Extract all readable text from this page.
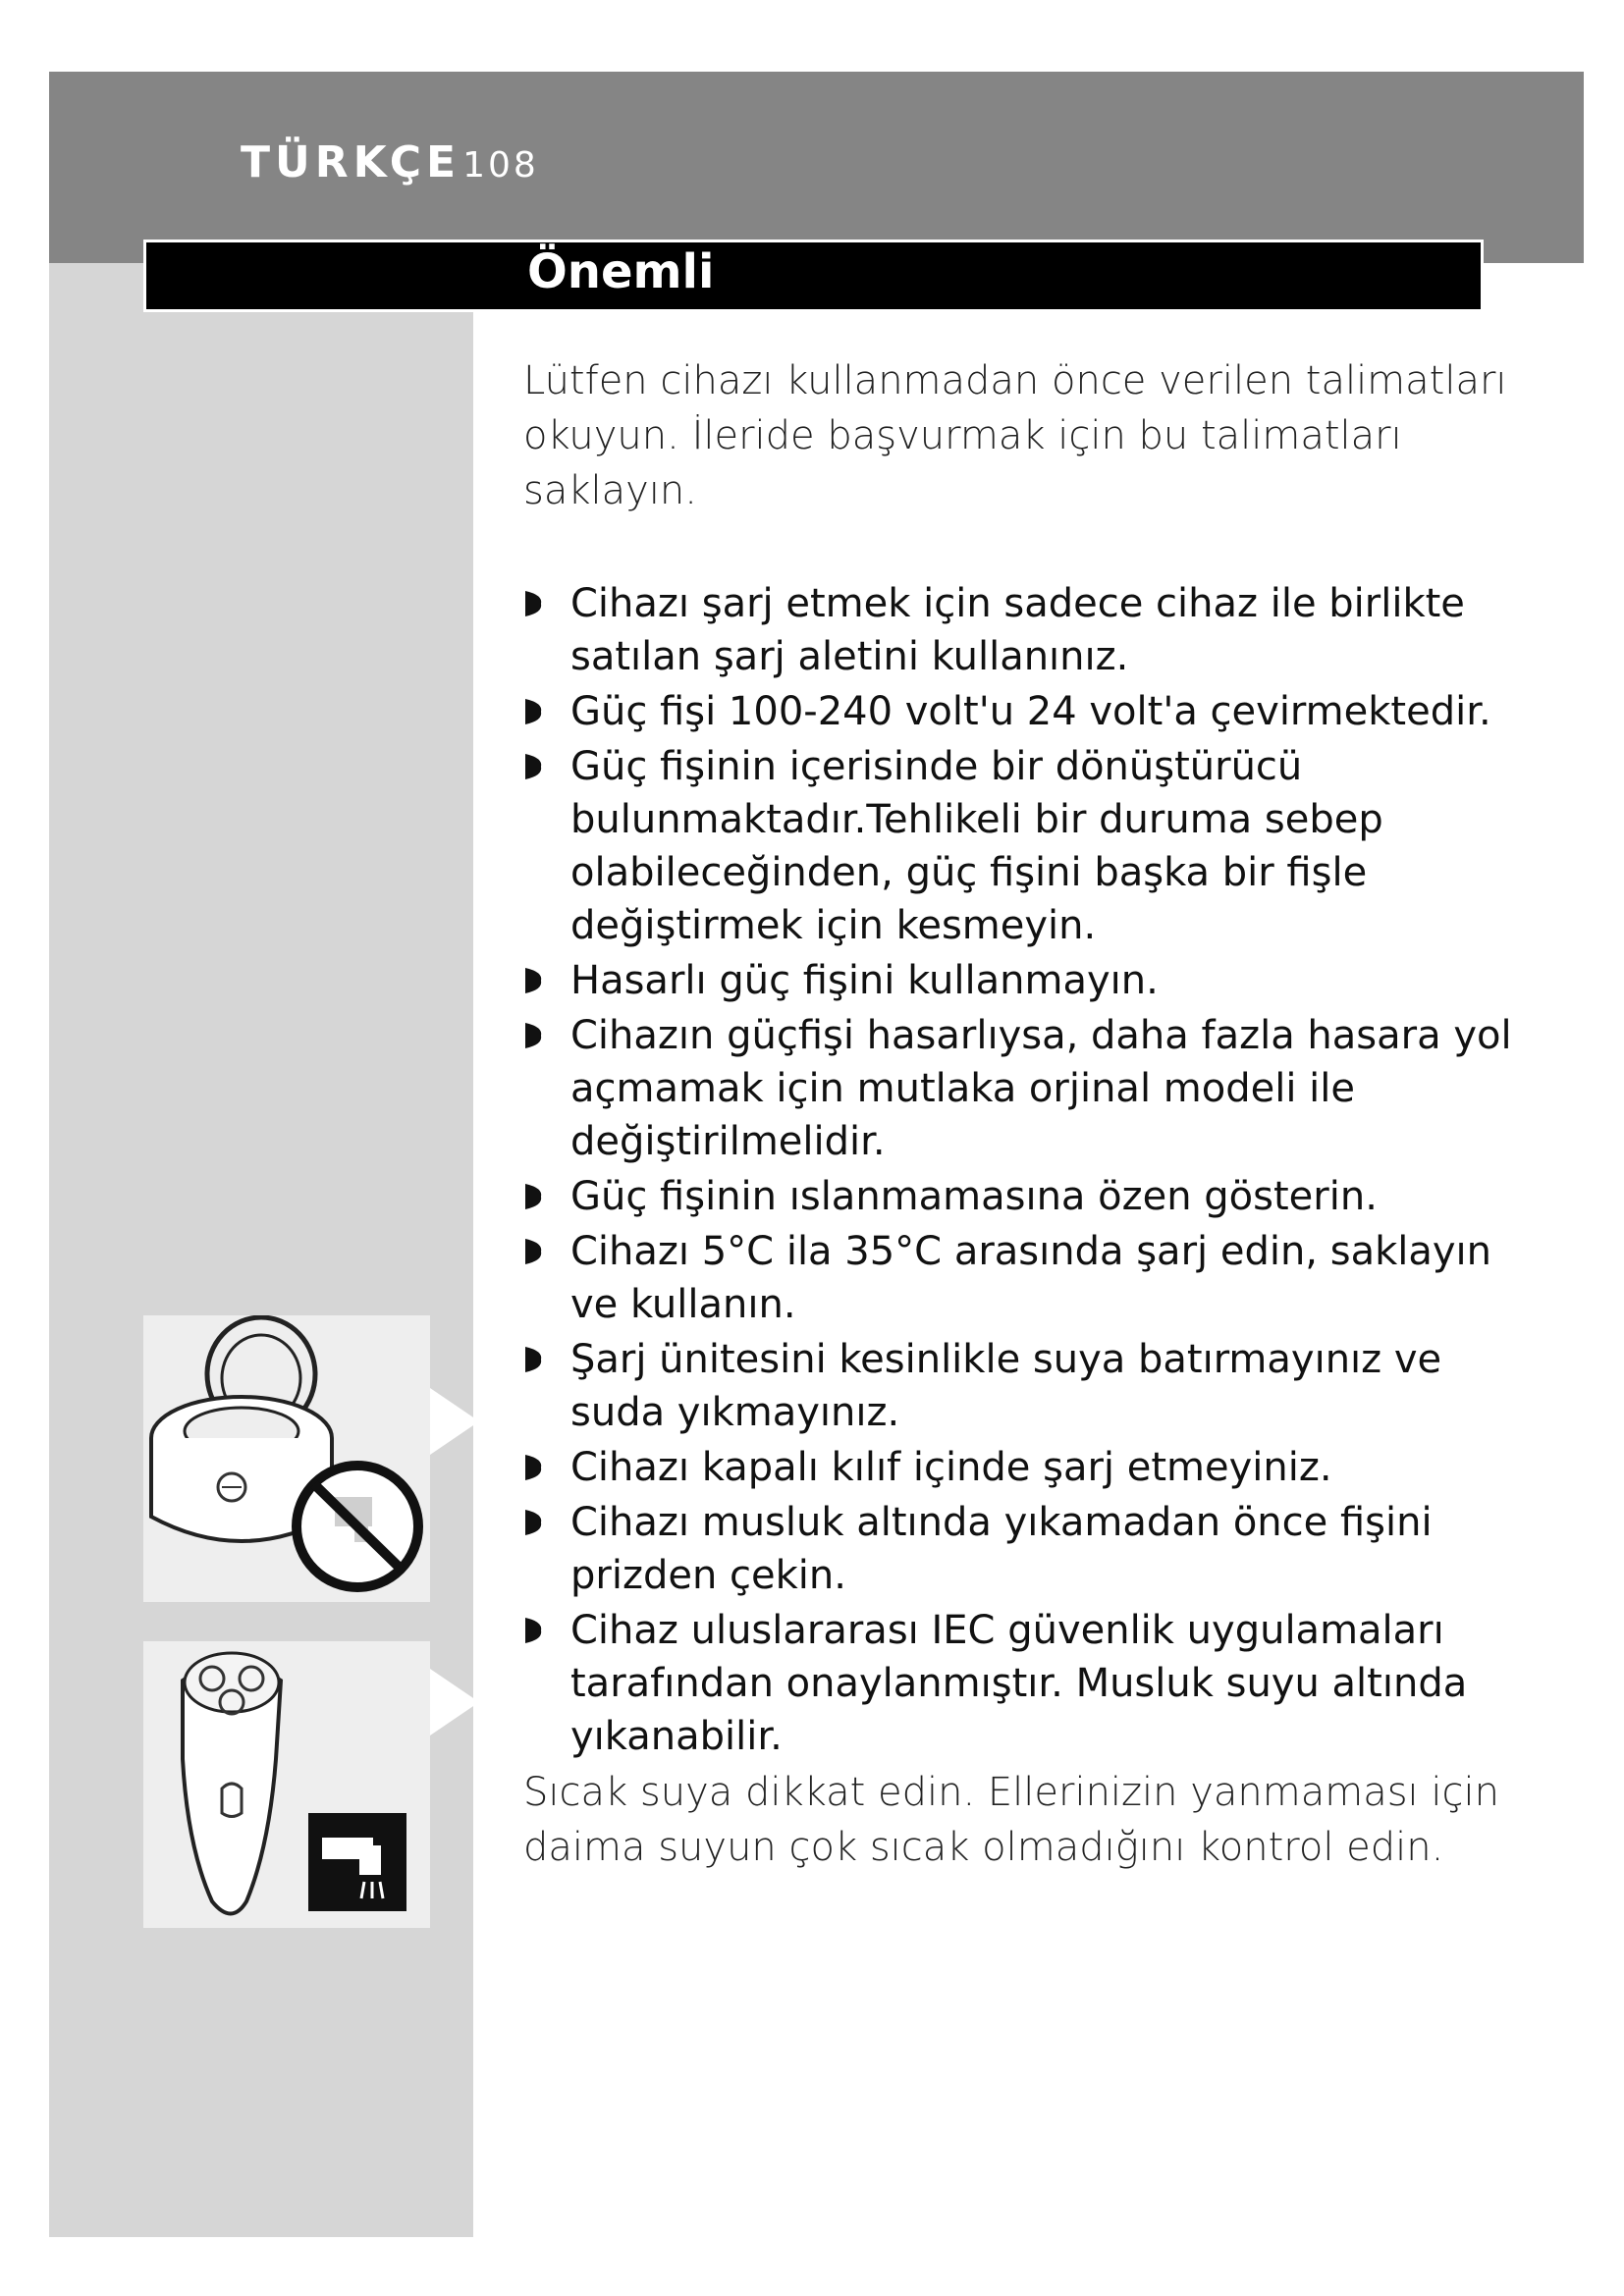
TÜRKÇE108
Önemli

Lütfen cihazı kullanmadan önce verilen talimatları okuyun. İleride başvurmak için bu talimatları saklayın.

Cihazı şarj etmek için sadece cihaz ile birlikte satılan şarj aletini kullanınız.
Güç fişi 100-240 volt'u 24 volt'a çevirmektedir.
Güç fişinin içerisinde bir dönüştürücü bulunmaktadır.Tehlikeli bir duruma sebep olabileceğinden, güç fişini başka bir fişle değiştirmek için kesmeyin.
Hasarlı güç fişini kullanmayın.
Cihazın güçfişi hasarlıysa, daha fazla hasara yol açmamak için mutlaka orjinal modeli ile değiştirilmelidir.
Güç fişinin ıslanmamasına özen gösterin.
Cihazı 5°C ila 35°C arasında şarj edin, saklayın ve kullanın.
Şarj ünitesini kesinlikle suya batırmayınız ve suda yıkmayınız.
Cihazı kapalı kılıf içinde şarj etmeyiniz.
Cihazı musluk altında yıkamadan önce fişini prizden çekin.
Cihaz uluslararası IEC güvenlik uygulamaları tarafından onaylanmıştır. Musluk suyu altında yıkanabilir.

Sıcak suya dikkat edin. Ellerinizin yanmaması için daima suyun çok sıcak olmadığını kontrol edin.
